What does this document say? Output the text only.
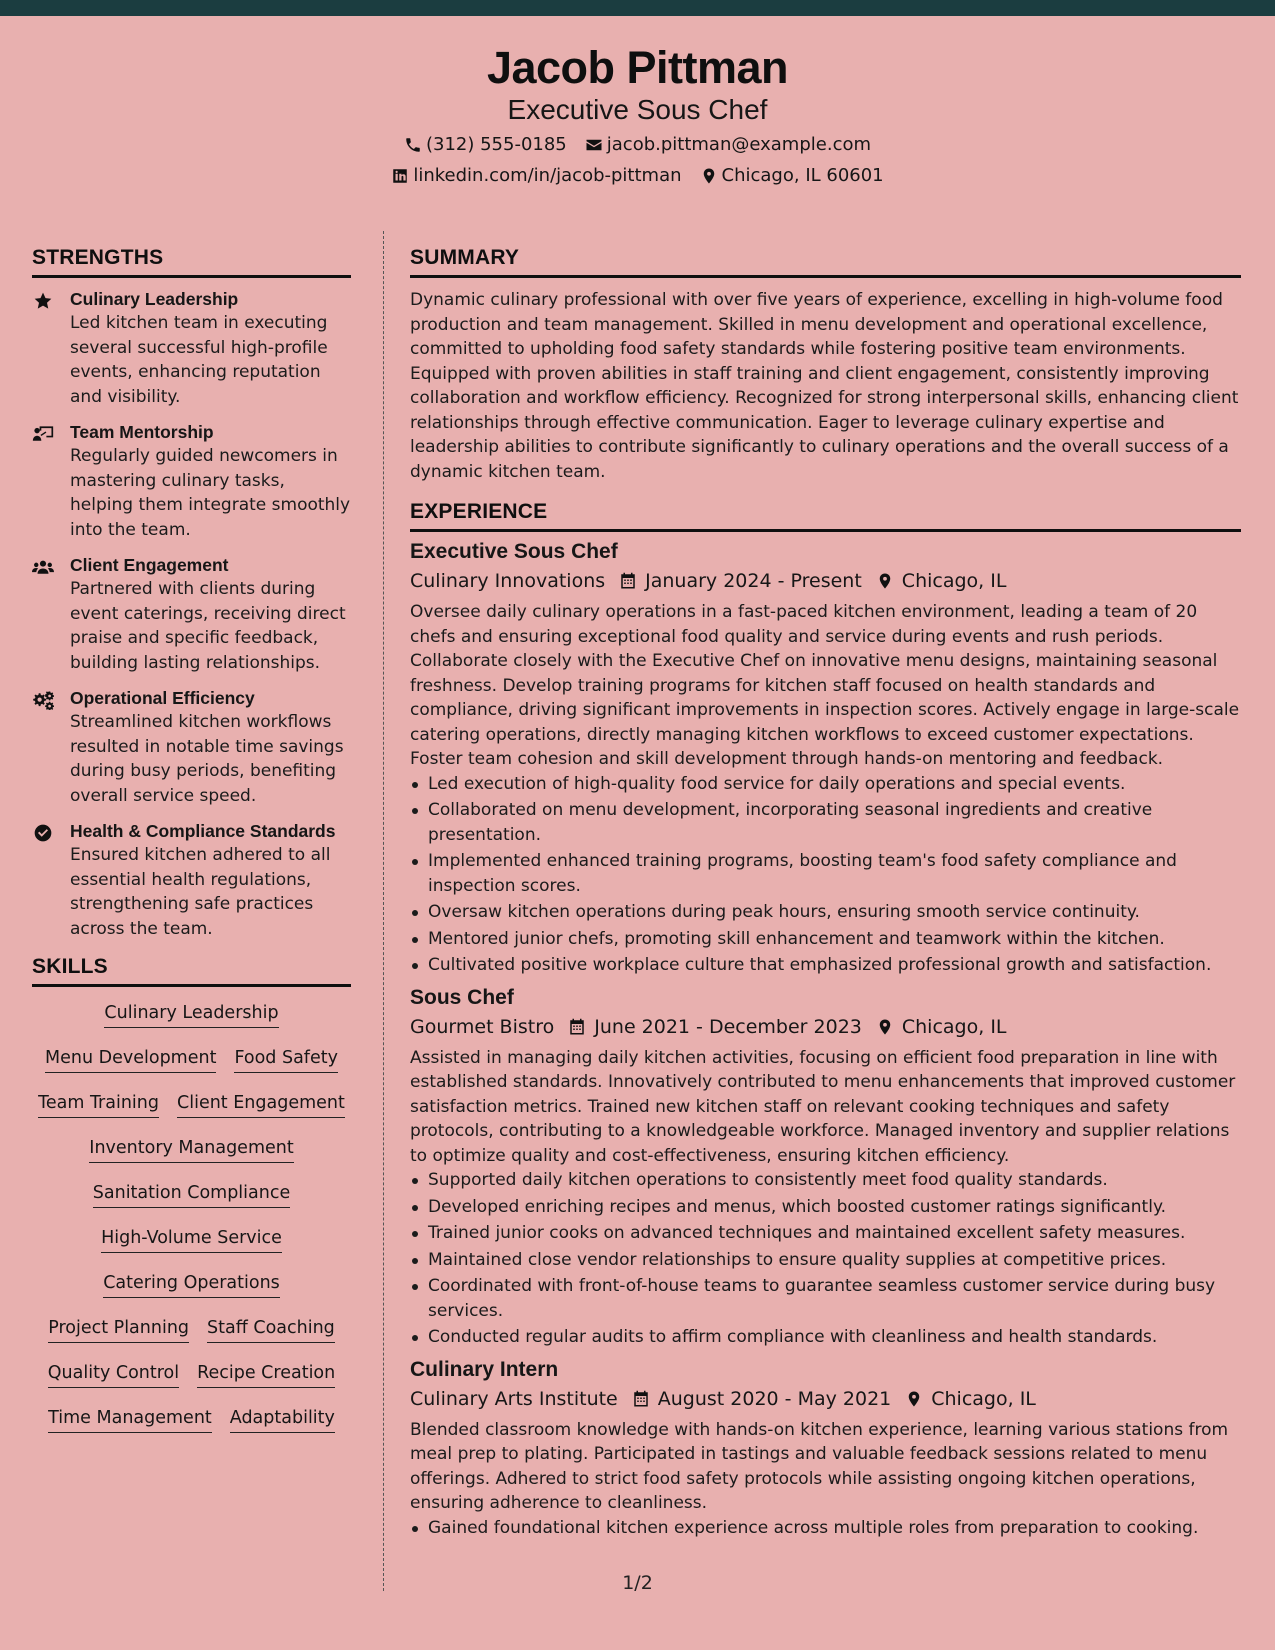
Jacob Pittman
Executive Sous Chef
(312) 555-0185 jacob.pittman@example.com
linkedin.com/in/jacob-pittman Chicago, IL 60601
STRENGTHS
Culinary Leadership
Led kitchen team in executing several successful high-profile events, enhancing reputation and visibility.
Team Mentorship
Regularly guided newcomers in mastering culinary tasks, helping them integrate smoothly into the team.
Client Engagement
Partnered with clients during event caterings, receiving direct praise and specific feedback, building lasting relationships.
Operational Efficiency
Streamlined kitchen workflows resulted in notable time savings during busy periods, benefiting overall service speed.
Health & Compliance Standards
Ensured kitchen adhered to all essential health regulations, strengthening safe practices across the team.
SKILLS
Culinary Leadership
Menu Development Food Safety
Team Training Client Engagement
Inventory Management
Sanitation Compliance
High-Volume Service
Catering Operations
Project Planning Staff Coaching
Quality Control Recipe Creation
Time Management Adaptability
SUMMARY
Dynamic culinary professional with over five years of experience, excelling in high-volume food production and team management. Skilled in menu development and operational excellence, committed to upholding food safety standards while fostering positive team environments. Equipped with proven abilities in staff training and client engagement, consistently improving collaboration and workflow efficiency. Recognized for strong interpersonal skills, enhancing client relationships through effective communication. Eager to leverage culinary expertise and leadership abilities to contribute significantly to culinary operations and the overall success of a dynamic kitchen team.
EXPERIENCE
Executive Sous Chef
Culinary Innovations January 2024 - Present Chicago, IL
Oversee daily culinary operations in a fast-paced kitchen environment, leading a team of 20 chefs and ensuring exceptional food quality and service during events and rush periods. Collaborate closely with the Executive Chef on innovative menu designs, maintaining seasonal freshness. Develop training programs for kitchen staff focused on health standards and compliance, driving significant improvements in inspection scores. Actively engage in large-scale catering operations, directly managing kitchen workflows to exceed customer expectations. Foster team cohesion and skill development through hands-on mentoring and feedback.
Led execution of high-quality food service for daily operations and special events.
Collaborated on menu development, incorporating seasonal ingredients and creative presentation.
Implemented enhanced training programs, boosting team's food safety compliance and inspection scores.
Oversaw kitchen operations during peak hours, ensuring smooth service continuity.
Mentored junior chefs, promoting skill enhancement and teamwork within the kitchen.
Cultivated positive workplace culture that emphasized professional growth and satisfaction.
Sous Chef
Gourmet Bistro June 2021 - December 2023 Chicago, IL
Assisted in managing daily kitchen activities, focusing on efficient food preparation in line with established standards. Innovatively contributed to menu enhancements that improved customer satisfaction metrics. Trained new kitchen staff on relevant cooking techniques and safety protocols, contributing to a knowledgeable workforce. Managed inventory and supplier relations to optimize quality and cost-effectiveness, ensuring kitchen efficiency.
Supported daily kitchen operations to consistently meet food quality standards.
Developed enriching recipes and menus, which boosted customer ratings significantly.
Trained junior cooks on advanced techniques and maintained excellent safety measures.
Maintained close vendor relationships to ensure quality supplies at competitive prices.
Coordinated with front-of-house teams to guarantee seamless customer service during busy services.
Conducted regular audits to affirm compliance with cleanliness and health standards.
Culinary Intern
Culinary Arts Institute August 2020 - May 2021 Chicago, IL
Blended classroom knowledge with hands-on kitchen experience, learning various stations from meal prep to plating. Participated in tastings and valuable feedback sessions related to menu offerings. Adhered to strict food safety protocols while assisting ongoing kitchen operations, ensuring adherence to cleanliness.
Gained foundational kitchen experience across multiple roles from preparation to cooking.
1/2
